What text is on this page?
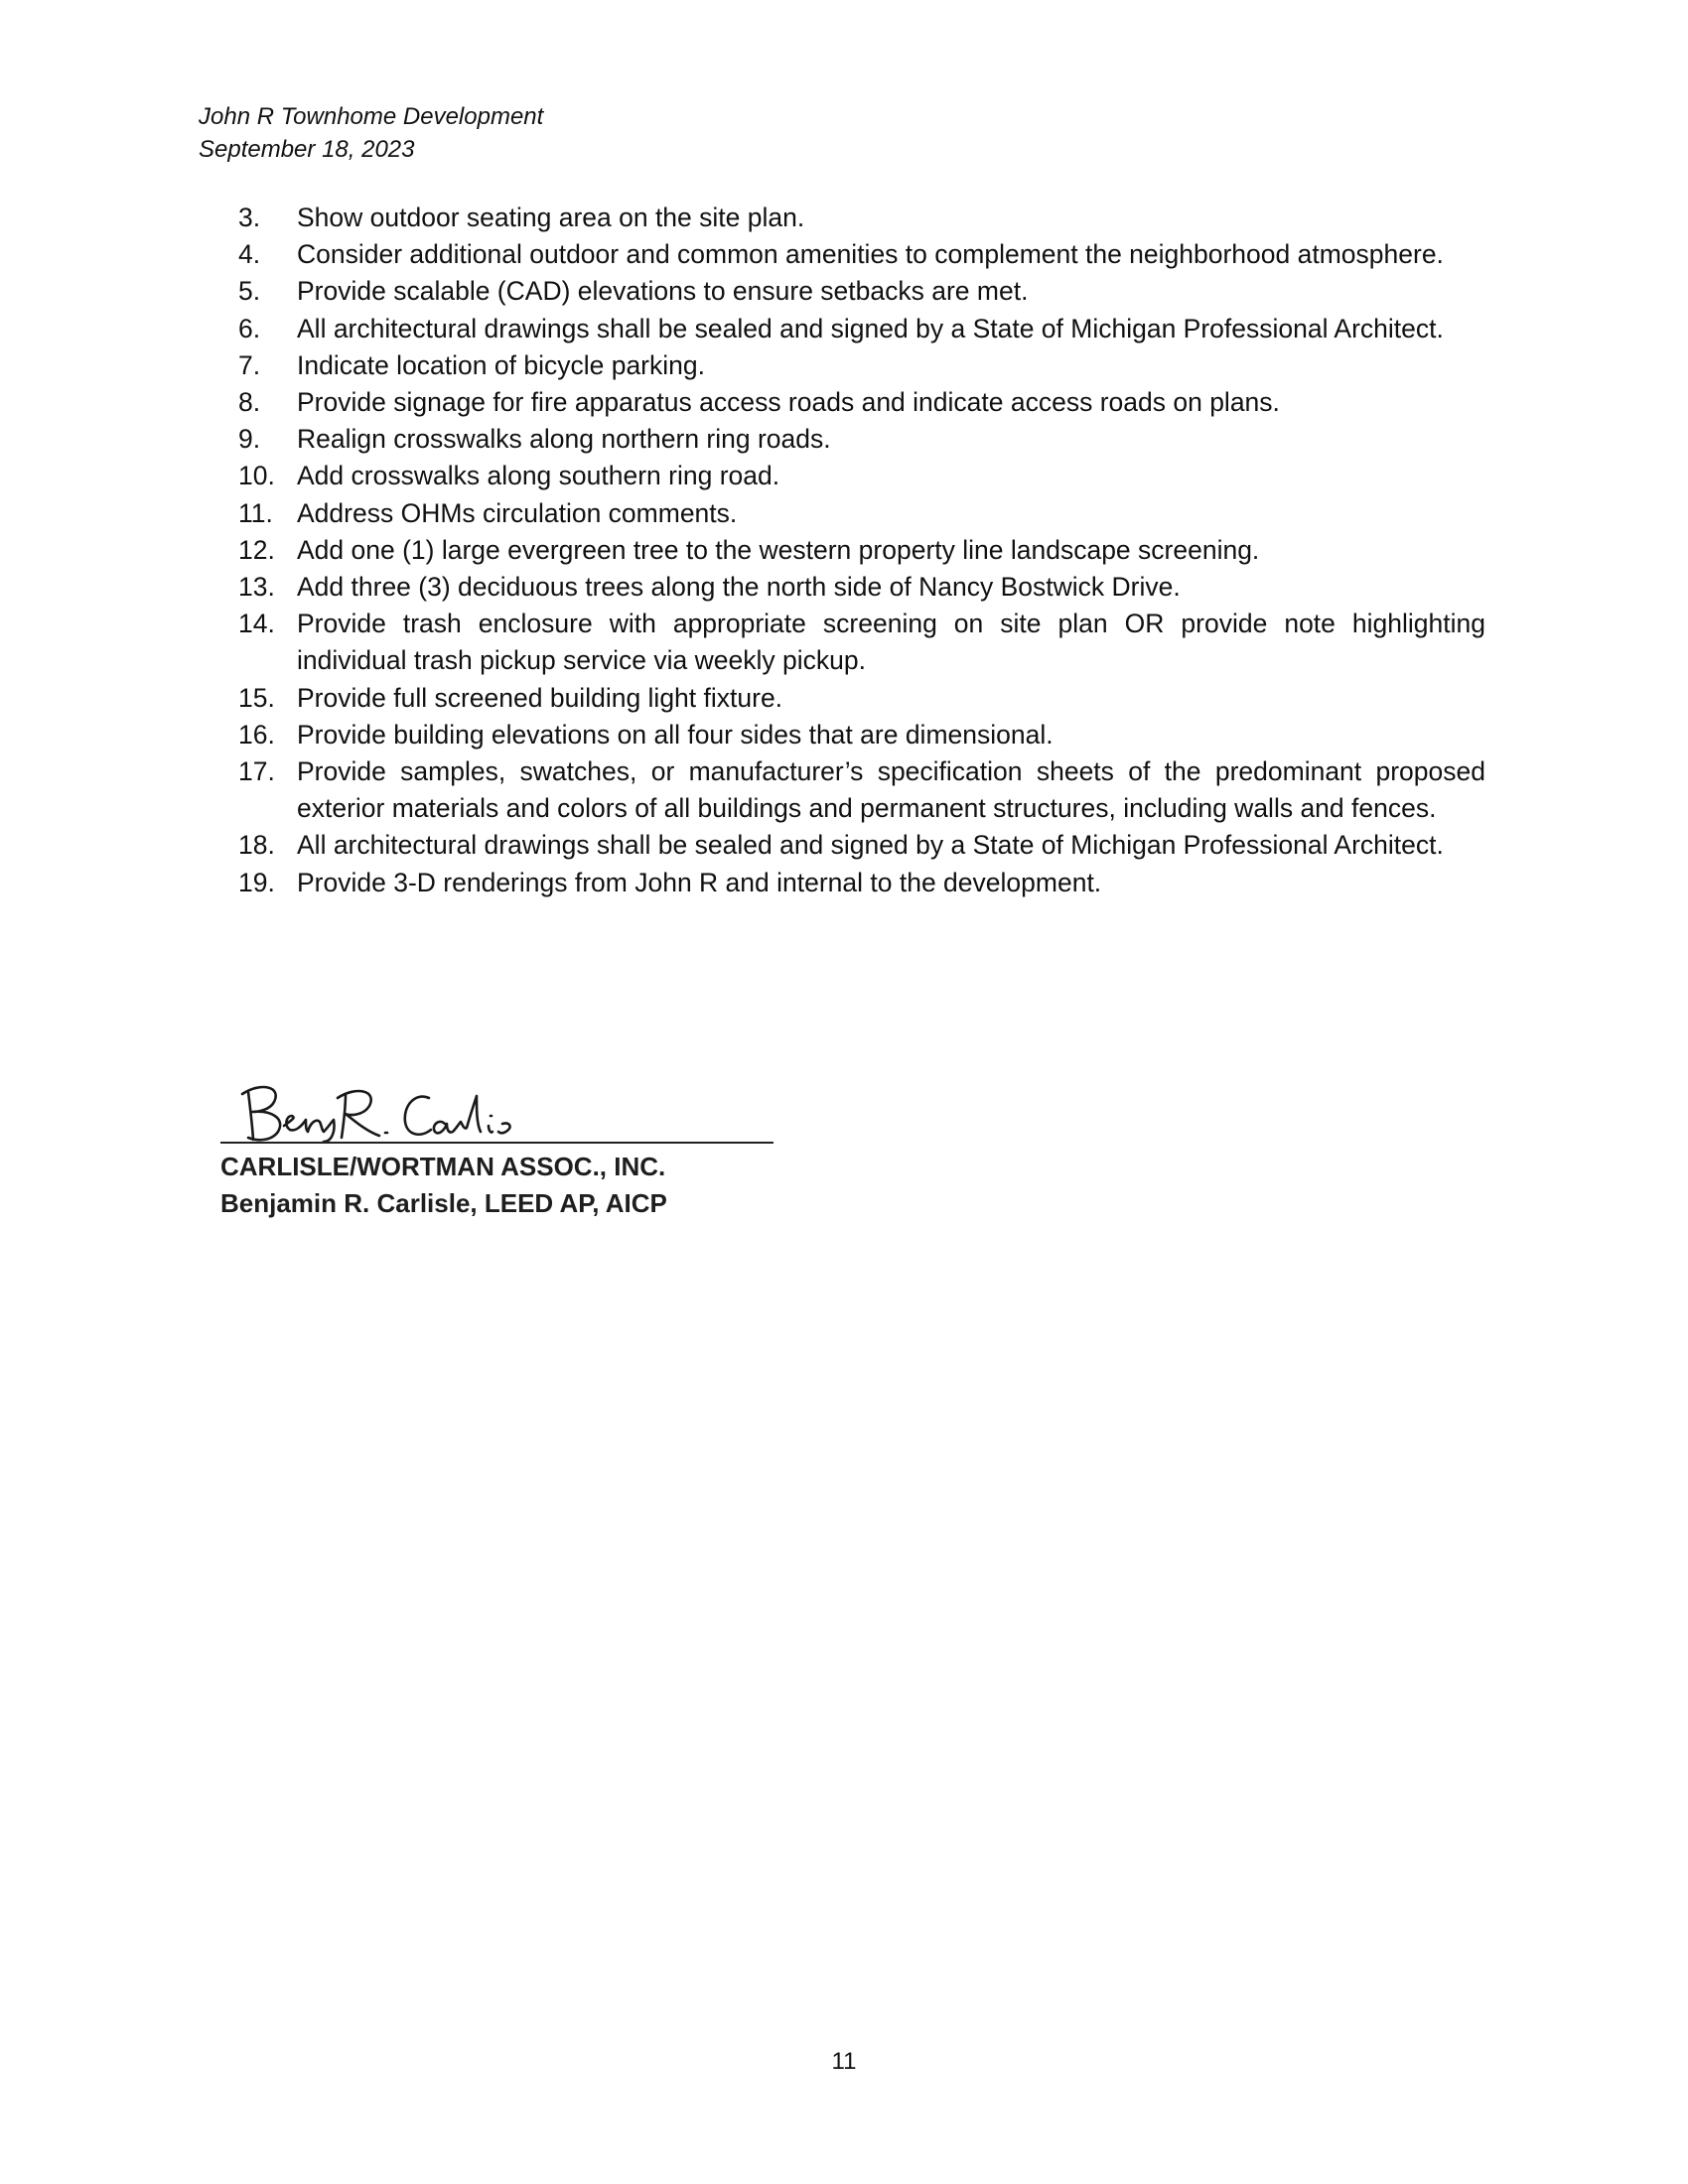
John R Townhome Development
September 18, 2023
3.	Show outdoor seating area on the site plan.
4.	Consider additional outdoor and common amenities to complement the neighborhood atmosphere.
5.	Provide scalable (CAD) elevations to ensure setbacks are met.
6.	All architectural drawings shall be sealed and signed by a State of Michigan Professional Architect.
7.	Indicate location of bicycle parking.
8.	Provide signage for fire apparatus access roads and indicate access roads on plans.
9.	Realign crosswalks along northern ring roads.
10. Add crosswalks along southern ring road.
11. Address OHMs circulation comments.
12. Add one (1) large evergreen tree to the western property line landscape screening.
13. Add three (3) deciduous trees along the north side of Nancy Bostwick Drive.
14. Provide trash enclosure with appropriate screening on site plan OR provide note highlighting individual trash pickup service via weekly pickup.
15. Provide full screened building light fixture.
16. Provide building elevations on all four sides that are dimensional.
17. Provide samples, swatches, or manufacturer’s specification sheets of the predominant proposed exterior materials and colors of all buildings and permanent structures, including walls and fences.
18. All architectural drawings shall be sealed and signed by a State of Michigan Professional Architect.
19. Provide 3-D renderings from John R and internal to the development.
CARLISLE/WORTMAN ASSOC., INC.
Benjamin R. Carlisle, LEED AP, AICP
11
